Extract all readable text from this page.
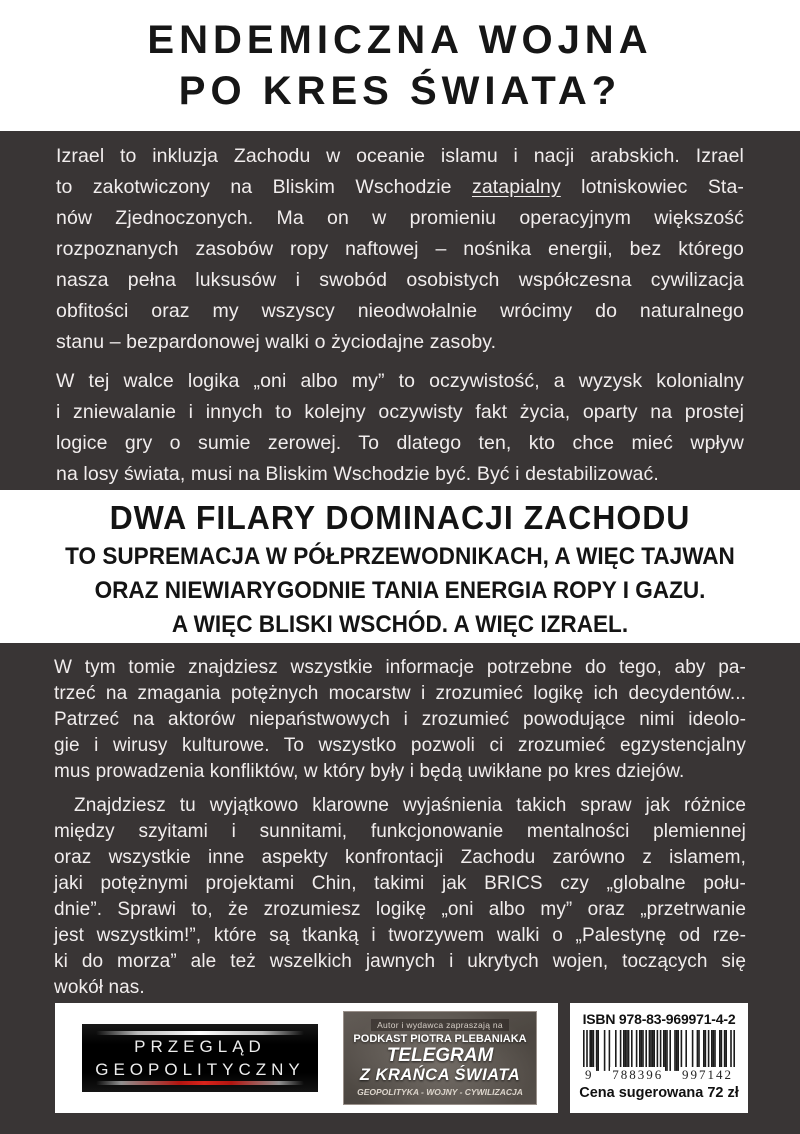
ENDEMICZNA WOJNA
PO KRES ŚWIATA?
Izrael to inkluzja Zachodu w oceanie islamu i nacji arabskich. Izrael
to zakotwiczony na Bliskim Wschodzie zatapialny lotniskowiec Sta-
nów Zjednoczonych. Ma on w promieniu operacyjnym większość
rozpoznanych zasobów ropy naftowej – nośnika energii, bez którego
nasza pełna luksusów i swobód osobistych współczesna cywilizacja
obfitości oraz my wszyscy nieodwołalnie wrócimy do naturalnego
stanu – bezpardonowej walki o życiodajne zasoby.
W tej walce logika „oni albo my” to oczywistość, a wyzysk kolonialny
i zniewalanie i innych to kolejny oczywisty fakt życia, oparty na prostej
logice gry o sumie zerowej. To dlatego ten, kto chce mieć wpływ
na losy świata, musi na Bliskim Wschodzie być. Być i destabilizować.
DWA FILARY DOMINACJI ZACHODU
TO SUPREMACJA W PÓŁPRZEWODNIKACH, A WIĘC TAJWAN
ORAZ NIEWIARYGODNIE TANIA ENERGIA ROPY I GAZU.
A WIĘC BLISKI WSCHÓD. A WIĘC IZRAEL.
W tym tomie znajdziesz wszystkie informacje potrzebne do tego, aby pa-
trzeć na zmagania potężnych mocarstw i zrozumieć logikę ich decydentów...
Patrzeć na aktorów niepaństwowych i zrozumieć powodujące nimi ideolo-
gie i wirusy kulturowe. To wszystko pozwoli ci zrozumieć egzystencjalny
mus prowadzenia konfliktów, w który były i będą uwikłane po kres dziejów.
Znajdziesz tu wyjątkowo klarowne wyjaśnienia takich spraw jak różnice
między szyitami i sunnitami, funkcjonowanie mentalności plemiennej
oraz wszystkie inne aspekty konfrontacji Zachodu zarówno z islamem,
jaki potężnymi projektami Chin, takimi jak BRICS czy „globalne połu-
dnie”. Sprawi to, że zrozumiesz logikę „oni albo my” oraz „przetrwanie
jest wszystkim!”, które są tkanką i tworzywem walki o „Palestynę od rze-
ki do morza” ale też wszelkich jawnych i ukrytych wojen, toczących się
wokół nas.
PRZEGLĄD
GEOPOLITYCZNY
Autor i wydawca zapraszają na
PODKAST PIOTRA PLEBANIAKA
TELEGRAM
Z KRAŃCA ŚWIATA
GEOPOLITYKA - WOJNY - CYWILIZACJA
ISBN 978-83-969971-4-2
9 788396 997142
Cena sugerowana 72 zł
